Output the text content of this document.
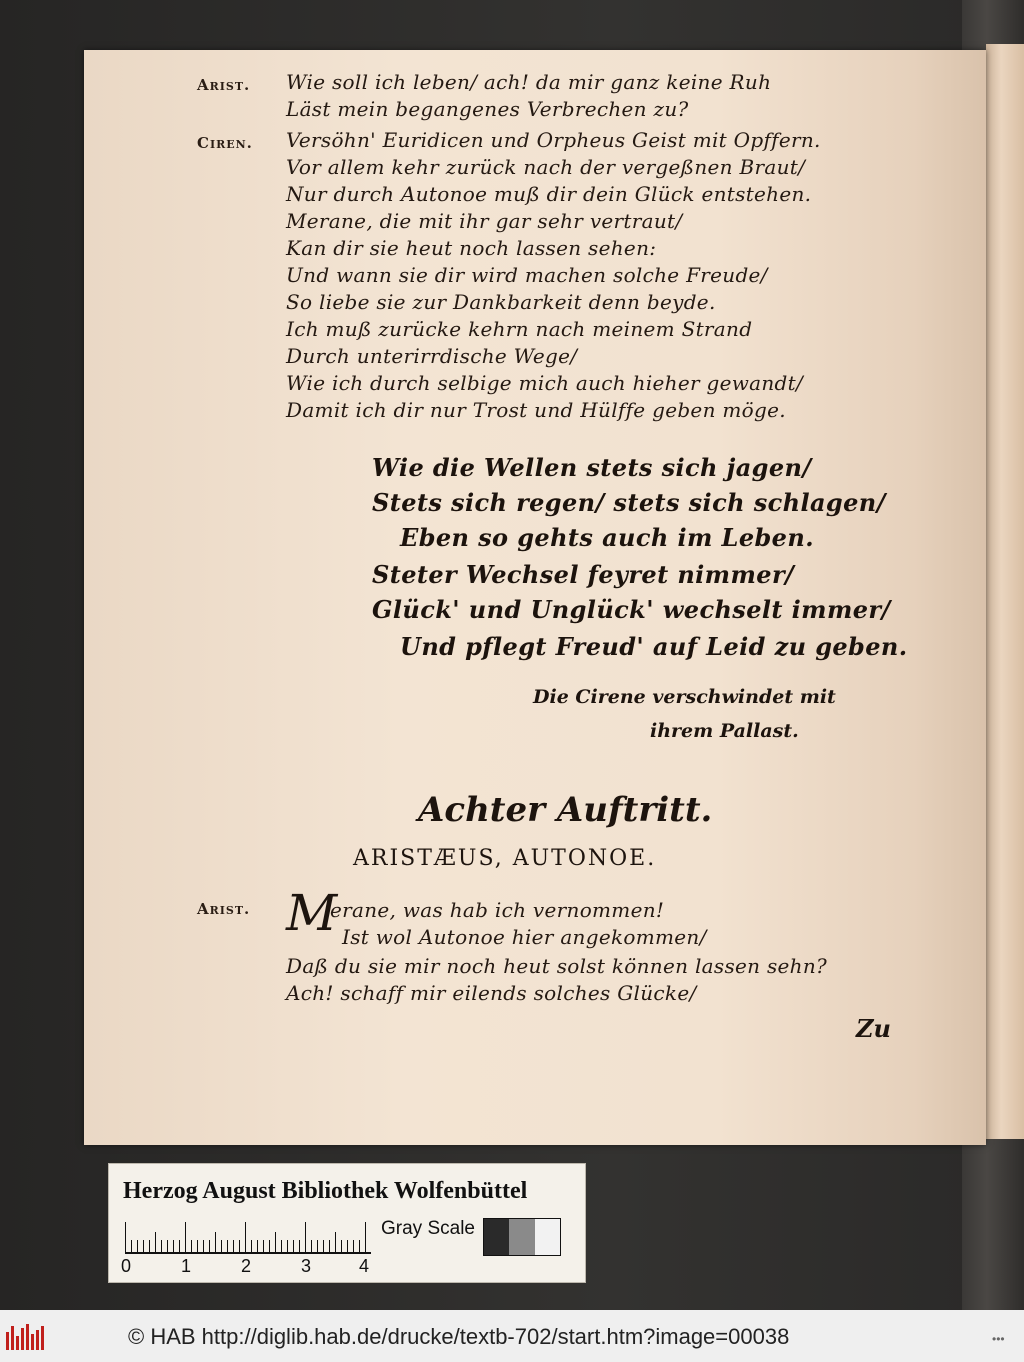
Arist. Wie soll ich leben/ ach! da mir ganz keine Ruh
Läst mein begangenes Verbrechen zu?
Ciren. Versöhn' Euridicen und Orpheus Geist mit Opffern.
Vor allem kehr zurück nach der vergeßnen Braut/
Nur durch Autonoe muß dir dein Glück entstehen.
Merane, die mit ihr gar sehr vertraut/
Kan dir sie heut noch lassen sehen:
Und wann sie dir wird machen solche Freude/
So liebe sie zur Dankbarkeit denn beyde.
Ich muß zurücke kehrn nach meinem Strand
Durch unterirrdische Wege/
Wie ich durch selbige mich auch hieher gewandt/
Damit ich dir nur Trost und Hülffe geben möge.
Wie die Wellen stets sich jagen/
Stets sich regen/ stets sich schlagen/
Eben so gehts auch im Leben.
Steter Wechsel feyret nimmer/
Glück' und Unglück' wechselt immer/
Und pflegt Freud' auf Leid zu geben.
Die Cirene verschwindet mit
ihrem Pallast.
Achter Auftritt.
ARISTÆUS, AUTONOE.
Arist. M
erane, was hab ich vernommen!
Ist wol Autonoe hier angekommen/
Daß du sie mir noch heut solst können lassen sehn?
Ach! schaff mir eilends solches Glücke/
Zu
Herzog August Bibliothek Wolfenbüttel
0	1	2	3	4
Gray Scale
© HAB http://diglib.hab.de/drucke/textb-702/start.htm?image=00038	•••
